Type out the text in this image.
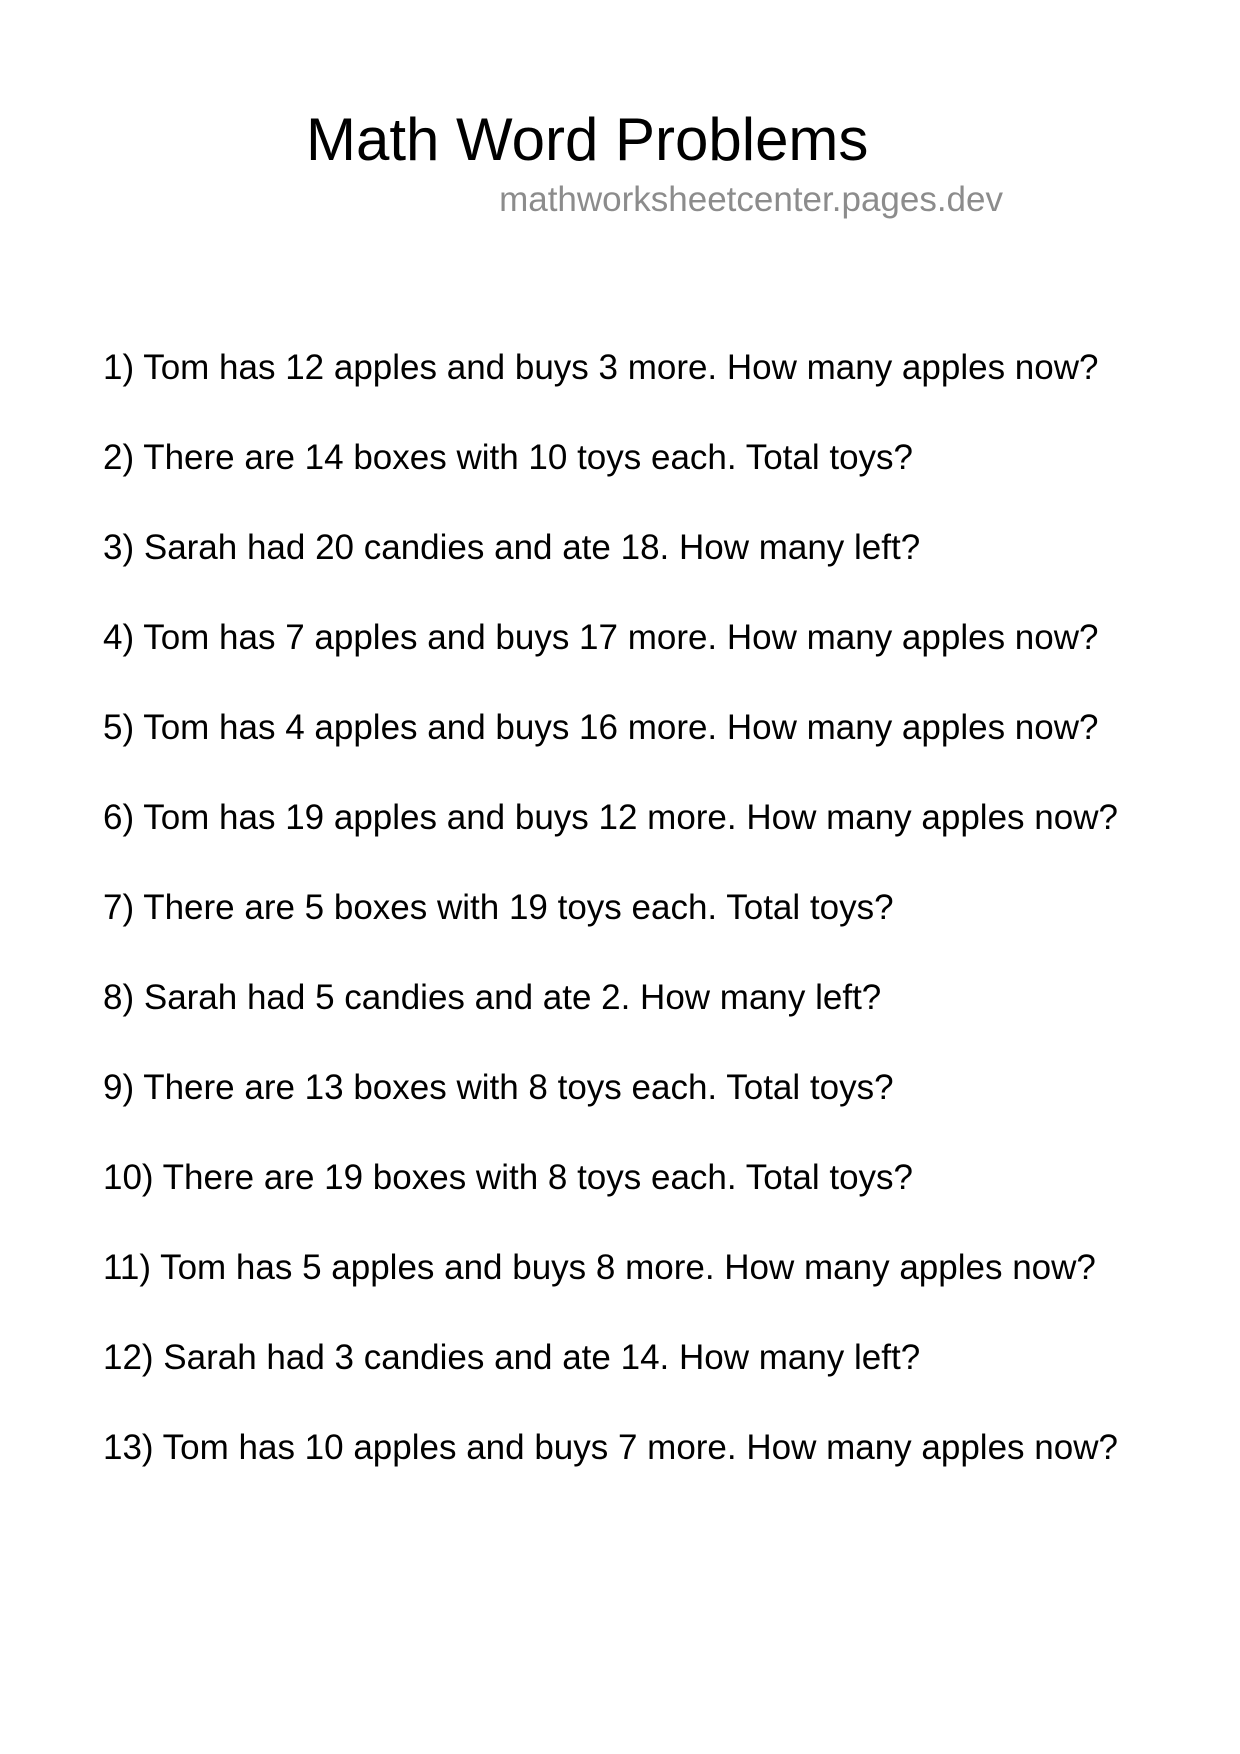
Math Word Problems
mathworksheetcenter.pages.dev

1) Tom has 12 apples and buys 3 more. How many apples now?

2) There are 14 boxes with 10 toys each. Total toys?

3) Sarah had 20 candies and ate 18. How many left?

4) Tom has 7 apples and buys 17 more. How many apples now?

5) Tom has 4 apples and buys 16 more. How many apples now?

6) Tom has 19 apples and buys 12 more. How many apples now?

7) There are 5 boxes with 19 toys each. Total toys?

8) Sarah had 5 candies and ate 2. How many left?

9) There are 13 boxes with 8 toys each. Total toys?

10) There are 19 boxes with 8 toys each. Total toys?

11) Tom has 5 apples and buys 8 more. How many apples now?

12) Sarah had 3 candies and ate 14. How many left?

13) Tom has 10 apples and buys 7 more. How many apples now?
